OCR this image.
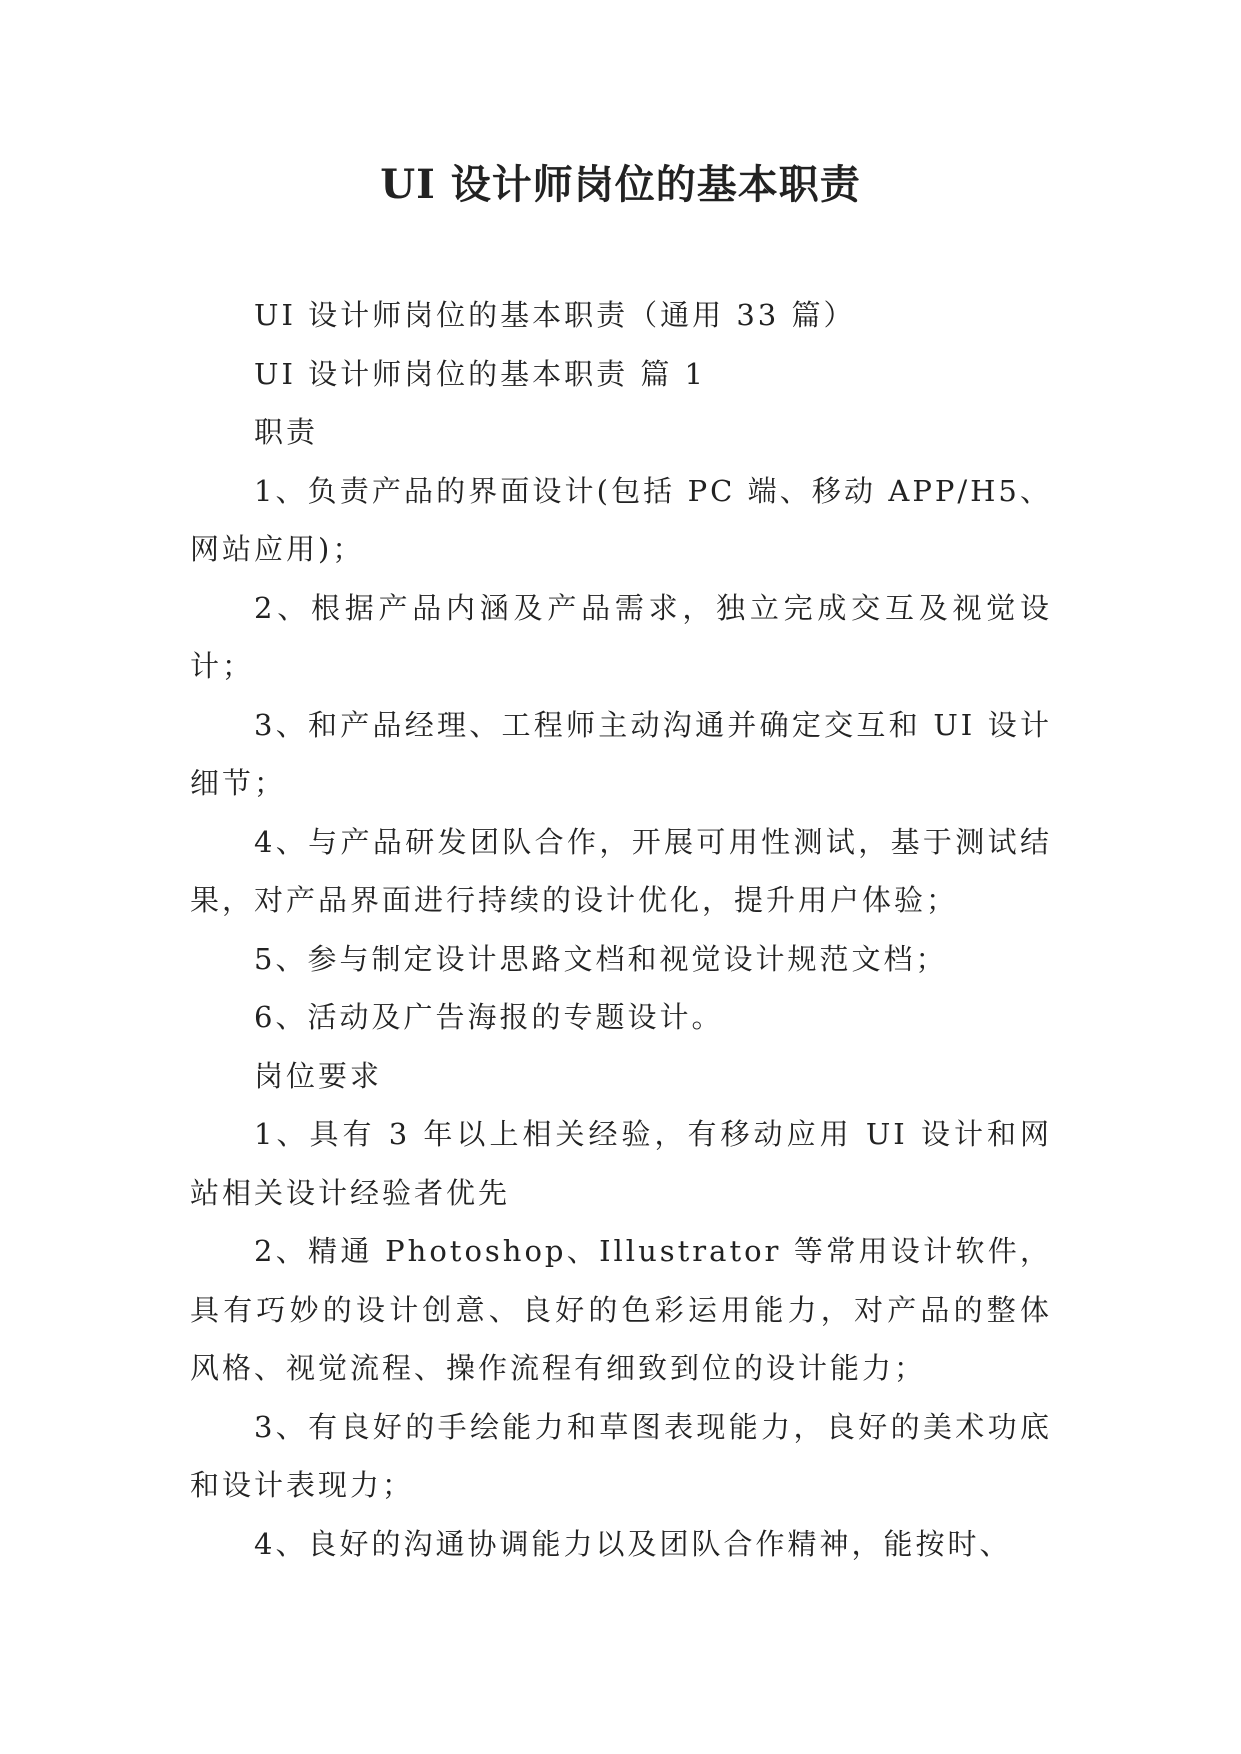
UI 设计师岗位的基本职责

UI 设计师岗位的基本职责（通用 33 篇）

UI 设计师岗位的基本职责 篇 1

职责

1、负责产品的界面设计(包括 PC 端、移动 APP/H5、网站应用)；

2、根据产品内涵及产品需求，独立完成交互及视觉设计；

3、和产品经理、工程师主动沟通并确定交互和 UI 设计细节；

4、与产品研发团队合作，开展可用性测试，基于测试结果，对产品界面进行持续的设计优化，提升用户体验；

5、参与制定设计思路文档和视觉设计规范文档；

6、活动及广告海报的专题设计。

岗位要求

1、具有 3 年以上相关经验，有移动应用 UI 设计和网站相关设计经验者优先

2、精通 Photoshop、Illustrator 等常用设计软件，具有巧妙的设计创意、良好的色彩运用能力，对产品的整体风格、视觉流程、操作流程有细致到位的设计能力；

3、有良好的手绘能力和草图表现能力，良好的美术功底和设计表现力；

4、良好的沟通协调能力以及团队合作精神，能按时、
